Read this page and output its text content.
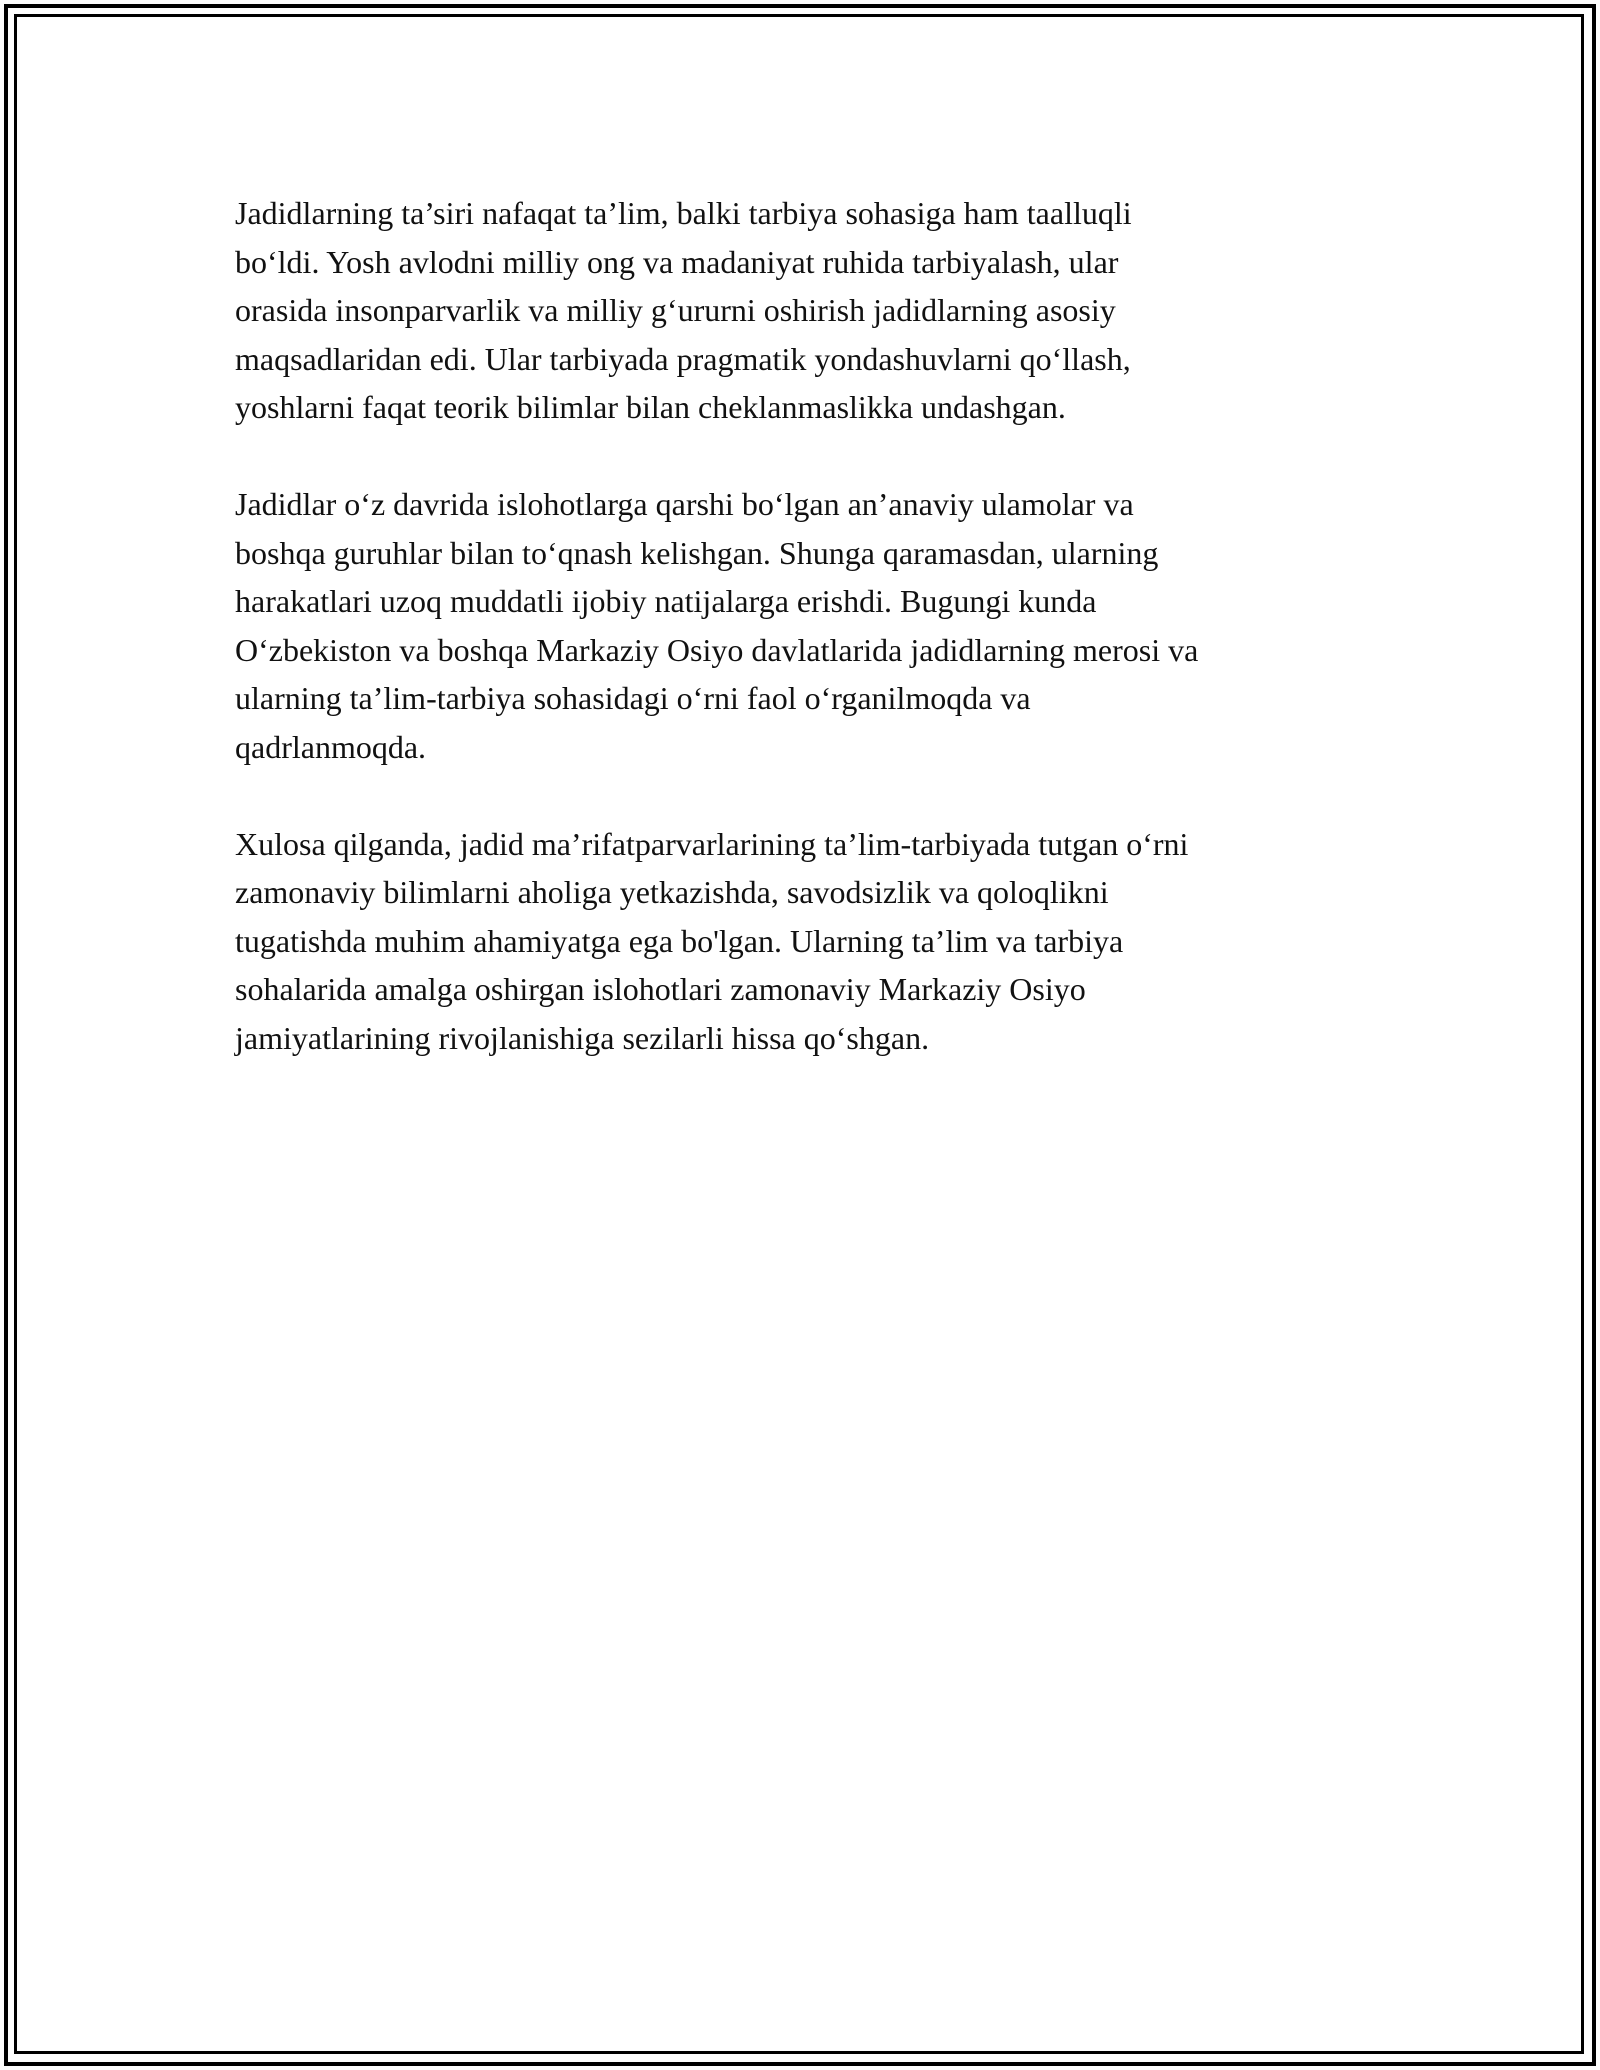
Jadidlarning ta’siri nafaqat ta’lim, balki tarbiya sohasiga ham taalluqli
bo‘ldi. Yosh avlodni milliy ong va madaniyat ruhida tarbiyalash, ular
orasida insonparvarlik va milliy g‘ururni oshirish jadidlarning asosiy
maqsadlaridan edi. Ular tarbiyada pragmatik yondashuvlarni qo‘llash,
yoshlarni faqat teorik bilimlar bilan cheklanmaslikka undashgan.

Jadidlar o‘z davrida islohotlarga qarshi bo‘lgan an’anaviy ulamolar va
boshqa guruhlar bilan to‘qnash kelishgan. Shunga qaramasdan, ularning
harakatlari uzoq muddatli ijobiy natijalarga erishdi. Bugungi kunda
O‘zbekiston va boshqa Markaziy Osiyo davlatlarida jadidlarning merosi va
ularning ta’lim-tarbiya sohasidagi o‘rni faol o‘rganilmoqda va
qadrlanmoqda.

Xulosa qilganda, jadid ma’rifatparvarlarining ta’lim-tarbiyada tutgan o‘rni
zamonaviy bilimlarni aholiga yetkazishda, savodsizlik va qoloqlikni
tugatishda muhim ahamiyatga ega bo'lgan. Ularning ta’lim va tarbiya
sohalarida amalga oshirgan islohotlari zamonaviy Markaziy Osiyo
jamiyatlarining rivojlanishiga sezilarli hissa qo‘shgan.
